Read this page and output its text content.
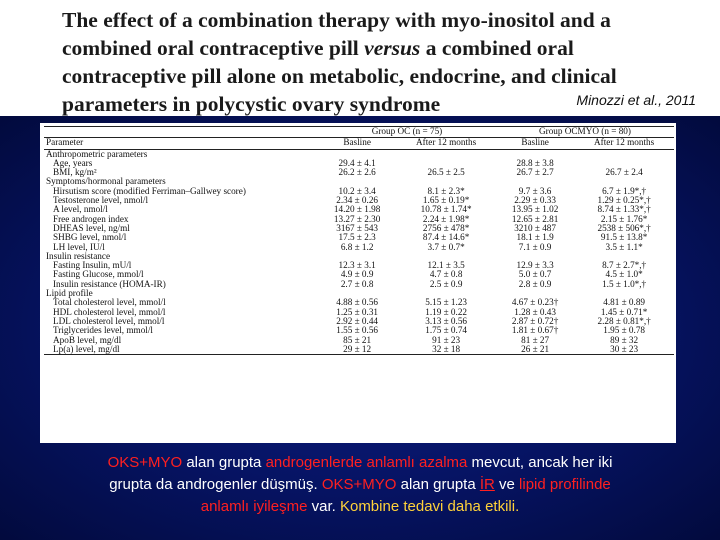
The effect of a combination therapy with myo-inositol and a combined oral contraceptive pill versus a combined oral contraceptive pill alone on metabolic, endocrine, and clinical parameters in polycystic ovary syndrome	Minozzi et al., 2011
	Group OC (n = 75)		Group OCMYO (n = 80)	
Parameter	Basline	After 12 months	Basline	After 12 months
Anthropometric parameters				
Age, years	29.4 ± 4.1		28.8 ± 3.8	
BMI, kg/m²	26.2 ± 2.6	26.5 ± 2.5	26.7 ± 2.7	26.7 ± 2.4
Symptoms/hormonal parameters				
Hirsutism score (modified Ferriman–Gallwey score)	10.2 ± 3.4	8.1 ± 2.3*	9.7 ± 3.6	6.7 ± 1.9*,†
Testosterone level, nmol/l	2.34 ± 0.26	1.65 ± 0.19*	2.29 ± 0.33	1.29 ± 0.25*,†
A level, nmol/l	14.20 ± 1.98	10.78 ± 1.74*	13.95 ± 1.02	8.74 ± 1.33*,†
Free androgen index	13.27 ± 2.30	2.24 ± 1.98*	12.65 ± 2.81	2.15 ± 1.76*
DHEAS level, ng/ml	3167 ± 543	2756 ± 478*	3210 ± 487	2538 ± 506*,†
SHBG level, nmol/l	17.5 ± 2.3	87.4 ± 14.6*	18.1 ± 1.9	91.5 ± 13.8*
LH level, IU/l	6.8 ± 1.2	3.7 ± 0.7*	7.1 ± 0.9	3.5 ± 1.1*
Insulin resistance				
Fasting Insulin, mU/l	12.3 ± 3.1	12.1 ± 3.5	12.9 ± 3.3	8.7 ± 2.7*,†
Fasting Glucose, mmol/l	4.9 ± 0.9	4.7 ± 0.8	5.0 ± 0.7	4.5 ± 1.0*
Insulin resistance (HOMA-IR)	2.7 ± 0.8	2.5 ± 0.9	2.8 ± 0.9	1.5 ± 1.0*,†
Lipid profile				
Total cholesterol level, mmol/l	4.88 ± 0.56	5.15 ± 1.23	4.67 ± 0.23†	4.81 ± 0.89
HDL cholesterol level, mmol/l	1.25 ± 0.31	1.19 ± 0.22	1.28 ± 0.43	1.45 ± 0.71*
LDL cholesterol level, mmol/l	2.92 ± 0.44	3.13 ± 0.56	2.87 ± 0.72†	2.28 ± 0.81*,†
Triglycerides level, mmol/l	1.55 ± 0.56	1.75 ± 0.74	1.81 ± 0.67†	1.95 ± 0.78
ApoB level, mg/dl	85 ± 21	91 ± 23	81 ± 27	89 ± 32
Lp(a) level, mg/dl	29 ± 12	32 ± 18	26 ± 21	30 ± 23
OKS+MYO alan grupta androgenlerde anlamlı azalma mevcut, ancak her iki
grupta da androgenler düşmüş. OKS+MYO alan grupta İR ve lipid profilinde
anlamlı iyileşme var. Kombine tedavi daha etkili.
